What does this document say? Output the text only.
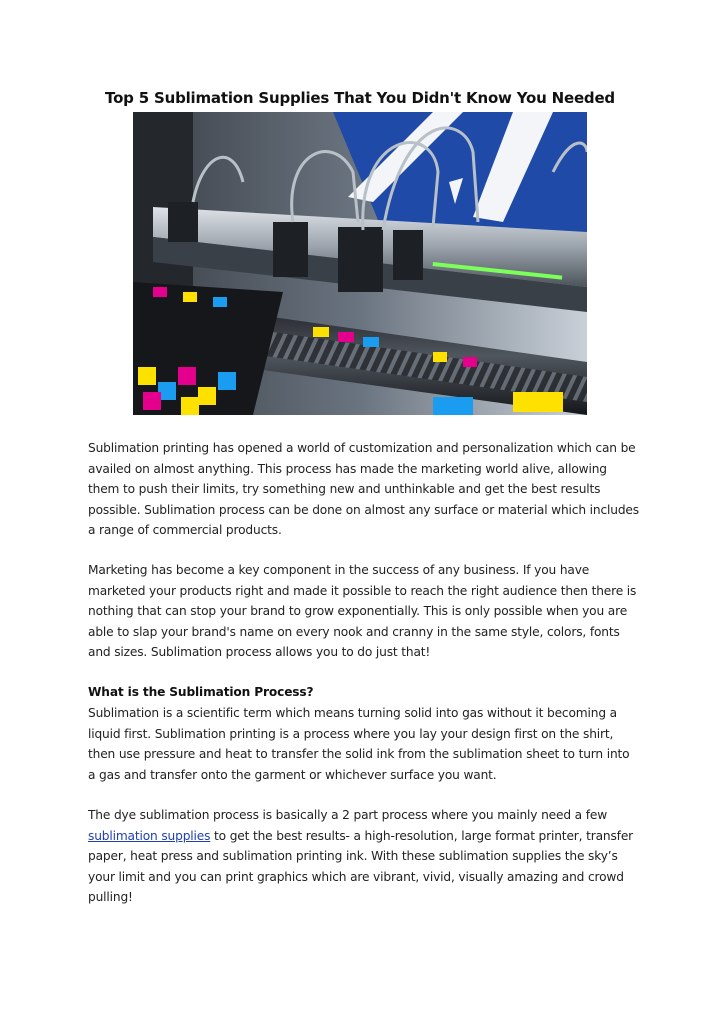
Top 5 Sublimation Supplies That You Didn't Know You Needed

Sublimation printing has opened a world of customization and personalization which can be availed on almost anything. This process has made the marketing world alive, allowing them to push their limits, try something new and unthinkable and get the best results possible. Sublimation process can be done on almost any surface or material which includes a range of commercial products.

Marketing has become a key component in the success of any business. If you have marketed your products right and made it possible to reach the right audience then there is nothing that can stop your brand to grow exponentially. This is only possible when you are able to slap your brand's name on every nook and cranny in the same style, colors, fonts and sizes. Sublimation process allows you to do just that!

What is the Sublimation Process?

Sublimation is a scientific term which means turning solid into gas without it becoming a liquid first. Sublimation printing is a process where you lay your design first on the shirt, then use pressure and heat to transfer the solid ink from the sublimation sheet to turn into a gas and transfer onto the garment or whichever surface you want.

The dye sublimation process is basically a 2 part process where you mainly need a few sublimation supplies to get the best results- a high-resolution, large format printer, transfer paper, heat press and sublimation printing ink. With these sublimation supplies the sky’s your limit and you can print graphics which are vibrant, vivid, visually amazing and crowd pulling!
